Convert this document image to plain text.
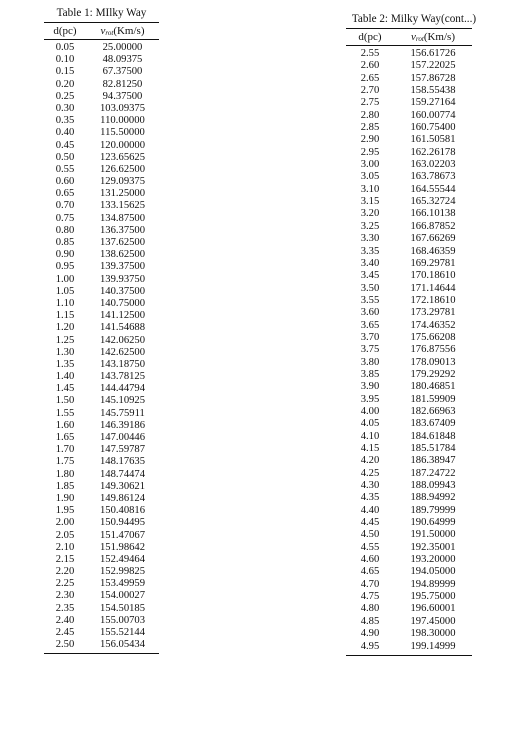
Table 1: MIlky Way
d(pc)	vrot(Km/s)
0.05	25.00000
0.10	48.09375
0.15	67.37500
0.20	82.81250
0.25	94.37500
0.30	103.09375
0.35	110.00000
0.40	115.50000
0.45	120.00000
0.50	123.65625
0.55	126.62500
0.60	129.09375
0.65	131.25000
0.70	133.15625
0.75	134.87500
0.80	136.37500
0.85	137.62500
0.90	138.62500
0.95	139.37500
1.00	139.93750
1.05	140.37500
1.10	140.75000
1.15	141.12500
1.20	141.54688
1.25	142.06250
1.30	142.62500
1.35	143.18750
1.40	143.78125
1.45	144.44794
1.50	145.10925
1.55	145.75911
1.60	146.39186
1.65	147.00446
1.70	147.59787
1.75	148.17635
1.80	148.74474
1.85	149.30621
1.90	149.86124
1.95	150.40816
2.00	150.94495
2.05	151.47067
2.10	151.98642
2.15	152.49464
2.20	152.99825
2.25	153.49959
2.30	154.00027
2.35	154.50185
2.40	155.00703
2.45	155.52144
2.50	156.05434
Table 2: Milky Way(cont...)
d(pc)	vrot(Km/s)
2.55	156.61726
2.60	157.22025
2.65	157.86728
2.70	158.55438
2.75	159.27164
2.80	160.00774
2.85	160.75400
2.90	161.50581
2.95	162.26178
3.00	163.02203
3.05	163.78673
3.10	164.55544
3.15	165.32724
3.20	166.10138
3.25	166.87852
3.30	167.66269
3.35	168.46359
3.40	169.29781
3.45	170.18610
3.50	171.14644
3.55	172.18610
3.60	173.29781
3.65	174.46352
3.70	175.66208
3.75	176.87556
3.80	178.09013
3.85	179.29292
3.90	180.46851
3.95	181.59909
4.00	182.66963
4.05	183.67409
4.10	184.61848
4.15	185.51784
4.20	186.38947
4.25	187.24722
4.30	188.09943
4.35	188.94992
4.40	189.79999
4.45	190.64999
4.50	191.50000
4.55	192.35001
4.60	193.20000
4.65	194.05000
4.70	194.89999
4.75	195.75000
4.80	196.60001
4.85	197.45000
4.90	198.30000
4.95	199.14999
